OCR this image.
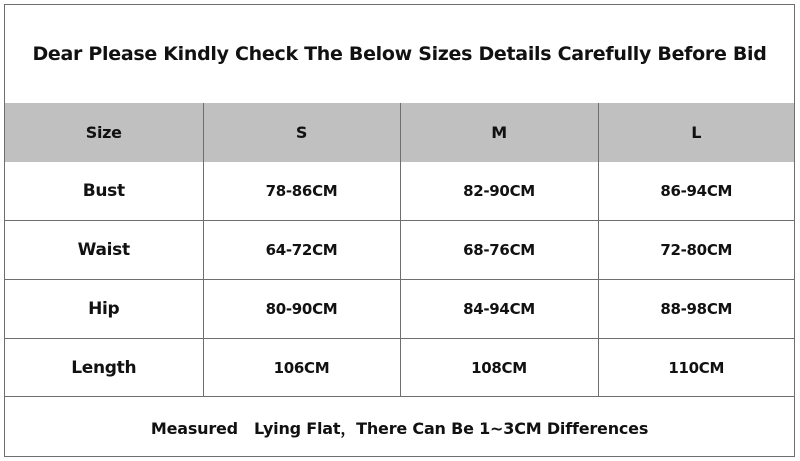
Dear Please Kindly Check The Below Sizes Details Carefully Before Bid
Size	S	M	L
Bust	78-86CM	82-90CM	86-94CM
Waist	64-72CM	68-76CM	72-80CM
Hip	80-90CM	84-94CM	88-98CM
Length	106CM	108CM	110CM
Measured   Lying Flat，There Can Be 1~3CM Differences
